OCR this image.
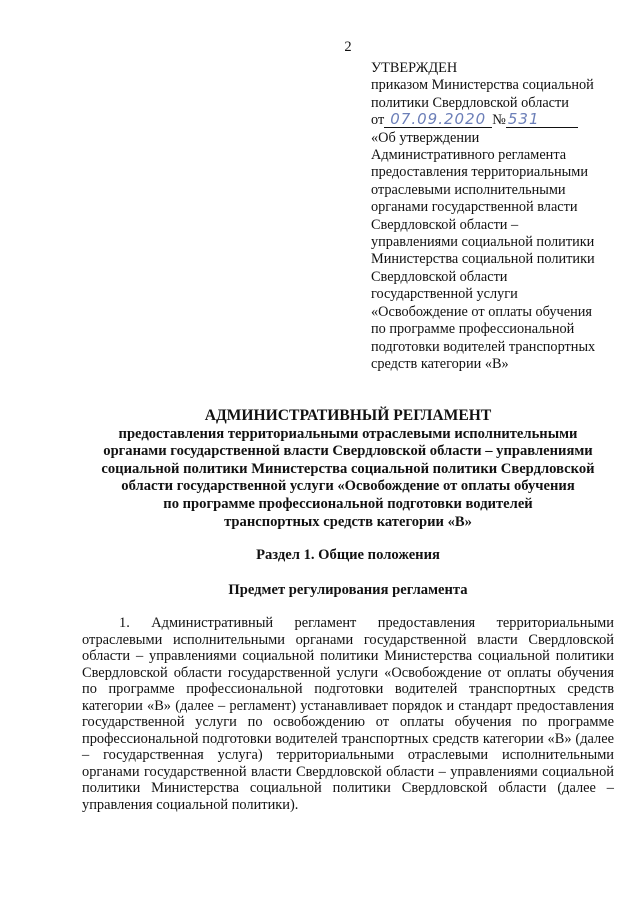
2
УТВЕРЖДЕН
приказом Министерства социальной
политики Свердловской области
от 07.09.2020 № 531
«Об утверждении
Административного регламента
предоставления территориальными
отраслевыми исполнительными
органами государственной власти
Свердловской области –
управлениями социальной политики
Министерства социальной политики
Свердловской области
государственной услуги
«Освобождение от оплаты обучения
по программе профессиональной
подготовки водителей транспортных
средств категории «В»
АДМИНИСТРАТИВНЫЙ РЕГЛАМЕНТ
предоставления территориальными отраслевыми исполнительными
органами государственной власти Свердловской области – управлениями
социальной политики Министерства социальной политики Свердловской
области государственной услуги «Освобождение от оплаты обучения
по программе профессиональной подготовки водителей
транспортных средств категории «В»
Раздел 1. Общие положения
Предмет регулирования регламента

1. Административный регламент предоставления территориальными отраслевыми исполнительными органами государственной власти Свердловской области – управлениями социальной политики Министерства социальной политики Свердловской области государственной услуги «Освобождение от оплаты обучения по программе профессиональной подготовки водителей транспортных средств категории «В» (далее – регламент) устанавливает порядок и стандарт предоставления государственной услуги по освобождению от оплаты обучения по программе профессиональной подготовки водителей транспортных средств категории «В» (далее – государственная услуга) территориальными отраслевыми исполнительными органами государственной власти Свердловской области – управлениями социальной политики Министерства социальной политики Свердловской области (далее – управления социальной политики).
